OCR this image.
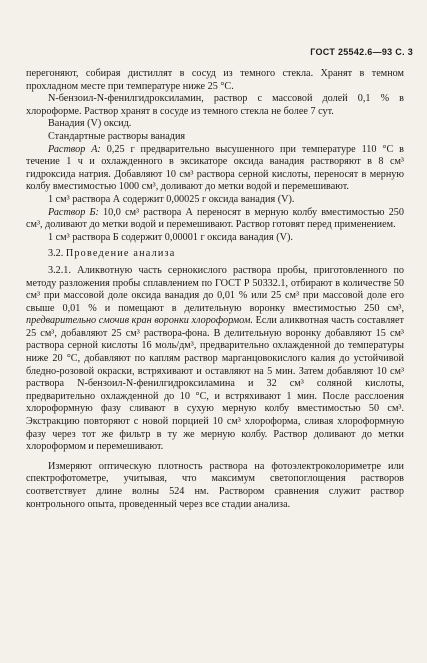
ГОСТ 25542.6—93 С. 3

перегоняют, собирая дистиллят в сосуд из темного стекла. Хранят в темном прохладном месте при температуре ниже 25 °С.

N-бензоил-N-фенилгидроксиламин, раствор с массовой долей 0,1 % в хлороформе. Раствор хранят в сосуде из темного стекла не более 7 сут.

Ванадия (V) оксид.

Стандартные растворы ванадия

Раствор А: 0,25 г предварительно высушенного при температуре 110 °С в течение 1 ч и охлажденного в эксикаторе оксида ванадия растворяют в 8 см³ гидроксида натрия. Добавляют 10 см³ раствора серной кислоты, переносят в мерную колбу вместимостью 1000 см³, доливают до метки водой и перемешивают.

1 см³ раствора А содержит 0,00025 г оксида ванадия (V).

Раствор Б: 10,0 см³ раствора А переносят в мерную колбу вместимостью 250 см³, доливают до метки водой и перемешивают. Раствор готовят перед применением.

1 см³ раствора Б содержит 0,00001 г оксида ванадия (V).

3.2. Проведение анализа

3.2.1. Аликвотную часть сернокислого раствора пробы, приготовленного по методу разложения пробы сплавлением по ГОСТ Р 50332.1, отбирают в количестве 50 см³ при массовой доле оксида ванадия до 0,01 % или 25 см³ при массовой доле его свыше 0,01 % и помещают в делительную воронку вместимостью 250 см³, предварительно смочив кран воронки хлороформом. Если аликвотная часть составляет 25 см³, добавляют 25 см³ раствора-фона. В делительную воронку добавляют 15 см³ раствора серной кислоты 16 моль/дм³, предварительно охлажденной до температуры ниже 20 °С, добавляют по каплям раствор марганцовокислого калия до устойчивой бледно-розовой окраски, встряхивают и оставляют на 5 мин. Затем добавляют 10 см³ раствора N-бензоил-N-фенилгидроксиламина и 32 см³ соляной кислоты, предварительно охлажденной до 10 °С, и встряхивают 1 мин. После расслоения хлороформную фазу сливают в сухую мерную колбу вместимостью 50 см³. Экстракцию повторяют с новой порцией 10 см³ хлороформа, сливая хлороформную фазу через тот же фильтр в ту же мерную колбу. Раствор доливают до метки хлороформом и перемешивают.

Измеряют оптическую плотность раствора на фотоэлектроколориметре или спектрофотометре, учитывая, что максимум светопоглощения растворов соответствует длине волны 524 нм. Раствором сравнения служит раствор контрольного опыта, проведенный через все стадии анализа.
